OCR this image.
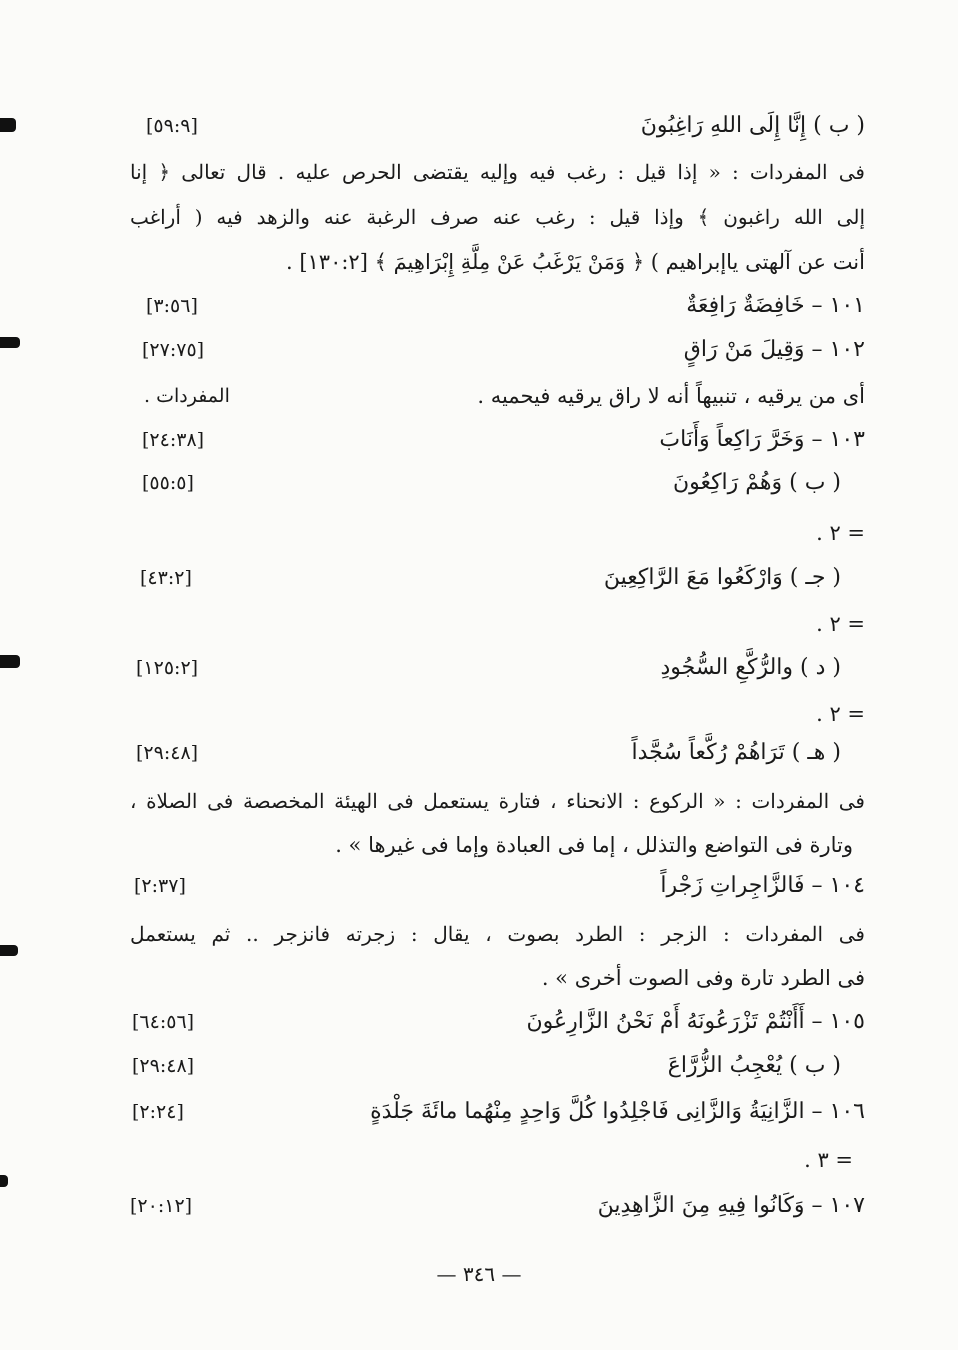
( ب ) إِنَّا إِلَى اللهِ رَاغِبُونَ
[٥٩:٩]
فى المفردات : « إذا قيل : رغب فيه وإليه يقتضى الحرص عليه . قال تعالى ﴿ إنا
إلى الله راغبون ﴾ وإذا قيل : رغب عنه صرف الرغبة عنه والزهد فيه ( أراغب
أنت عن آلهتى ياإبراهيم ) ﴿ وَمَنْ يَرْغَبُ عَنْ مِلَّةِ إِبْرَاهِيمَ ﴾ [١٣٠:٢] .
١٠١ – خَافِضَةٌ رَافِعَةٌ
[٣:٥٦]
١٠٢ – وَقِيلَ مَنْ رَاقٍ
[٢٧:٧٥]
أى من يرقيه ، تنبيهاً أنه لا راق يرقيه فيحميه .
المفردات .
١٠٣ – وَخَرَّ رَاكِعاً وَأَنَابَ
[٢٤:٣٨]
( ب ) وَهُمْ رَاكِعُونَ
[٥٥:٥]
= ٢ .
( جـ ) وَارْكَعُوا مَعَ الرَّاكِعِينَ
[٤٣:٢]
= ٢ .
( د ) والرُّكَّعِ السُّجُودِ
[١٢٥:٢]
= ٢ .
( هـ ) تَرَاهُمْ رُكَّعاً سُجَّداً
[٢٩:٤٨]
فى المفردات : « الركوع : الانحناء ، فتارة يستعمل فى الهيئة المخصصة فى الصلاة ،
وتارة فى التواضع والتذلل ، إما فى العبادة وإما فى غيرها » .
١٠٤ – فَالزَّاجِراتِ زَجْراً
[٢:٣٧]
فى المفردات : الزجر : الطرد بصوت ، يقال : زجرته فانزجر .. ثم يستعمل
فى الطرد تارة وفى الصوت أخرى » .
١٠٥ – أَأَنْتُمْ تَزْرَعُونَهُ أَمْ نَحْنُ الزَّارِعُونَ
[٦٤:٥٦]
( ب ) يُعْجِبُ الزُّرَّاعَ
[٢٩:٤٨]
١٠٦ – الزَّانِيَةُ وَالزَّانِى فَاجْلِدُوا كُلَّ وَاحِدٍ مِنْهُما مائَةَ جَلْدَةٍ
[٢:٢٤]
= ٣ .
١٠٧ – وَكَانُوا فِيهِ مِنَ الزَّاهِدِينَ
[٢٠:١٢]
— ٣٤٦ —
